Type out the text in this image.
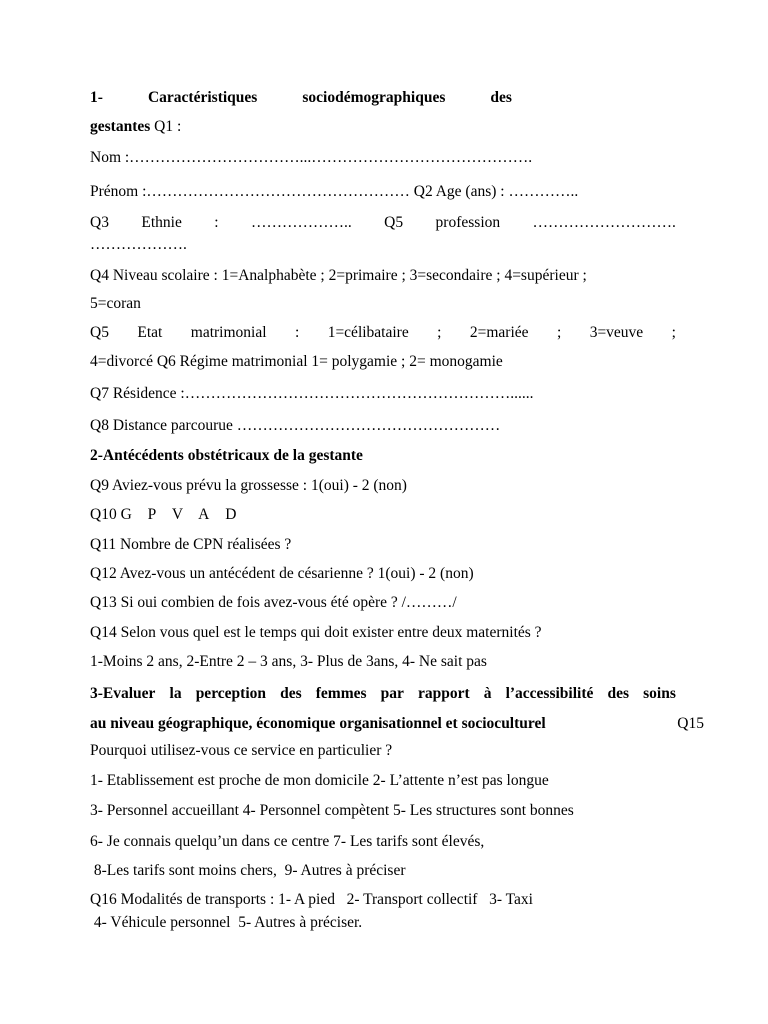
1-	Caractéristiques	sociodémographiques	des
gestantes Q1 :
Nom :……………………………...…………………………………….
Prénom :…………………………………………… Q2 Age (ans) : …………..
Q3 Ethnie : ……………….. Q5 profession ……………………….
……………….
Q4 Niveau scolaire : 1=Analphabète ; 2=primaire ; 3=secondaire ; 4=supérieur ;
5=coran
Q5 Etat matrimonial : 1=célibataire ; 2=mariée ; 3=veuve ;
4=divorcé Q6 Régime matrimonial 1= polygamie ; 2= monogamie
Q7 Résidence :………………………………………………………......
Q8 Distance parcourue ……………………………………………
2-Antécédents obstétricaux de la gestante
Q9 Aviez-vous prévu la grossesse : 1(oui) - 2 (non)
Q10 G P V A D
Q11 Nombre de CPN réalisées ?
Q12 Avez-vous un antécédent de césarienne ? 1(oui) - 2 (non)
Q13 Si oui combien de fois avez-vous été opère ? /………/
Q14 Selon vous quel est le temps qui doit exister entre deux maternités ?
1-Moins 2 ans, 2-Entre 2 – 3 ans, 3- Plus de 3ans, 4- Ne sait pas
3-Evaluer la perception des femmes par rapport à l’accessibilité des soins
au niveau géographique, économique organisationnel et socioculturel	Q15
Pourquoi utilisez-vous ce service en particulier ?
1- Etablissement est proche de mon domicile 2- L’attente n’est pas longue
3- Personnel accueillant 4- Personnel compètent 5- Les structures sont bonnes
6- Je connais quelqu’un dans ce centre 7- Les tarifs sont élevés,
8-Les tarifs sont moins chers,  9- Autres à préciser
Q16 Modalités de transports : 1- A pied 2- Transport collectif 3- Taxi
4- Véhicule personnel  5- Autres à préciser.
